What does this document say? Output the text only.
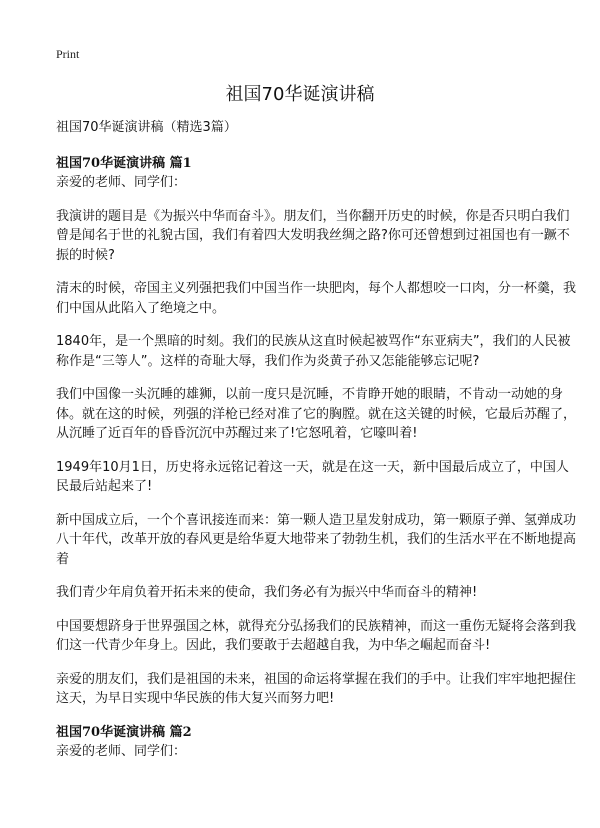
Print
祖国70华诞演讲稿

祖国70华诞演讲稿（精选3篇）

祖国70华诞演讲稿 篇1

亲爱的老师、同学们：

我演讲的题目是《为振兴中华而奋斗》。朋友们，当你翻开历史的时候，你是否只明白我们曾是闻名于世的礼貌古国，我们有着四大发明我丝绸之路?你可还曾想到过祖国也有一蹶不振的时候?

清末的时候，帝国主义列强把我们中国当作一块肥肉，每个人都想咬一口肉，分一杯羹，我们中国从此陷入了绝境之中。

1840年，是一个黑暗的时刻。我们的民族从这直时候起被骂作“东亚病夫”，我们的人民被称作是“三等人”。这样的奇耻大辱，我们作为炎黄子孙又怎能能够忘记呢?

我们中国像一头沉睡的雄狮，以前一度只是沉睡，不肯睁开她的眼睛，不肯动一动她的身体。就在这的时候，列强的洋枪已经对准了它的胸膛。就在这关键的时候，它最后苏醒了，从沉睡了近百年的昏昏沉沉中苏醒过来了!它怒吼着，它嚎叫着!

1949年10月1日，历史将永远铭记着这一天，就是在这一天，新中国最后成立了，中国人民最后站起来了!

新中国成立后，一个个喜讯接连而来：第一颗人造卫星发射成功，第一颗原子弹、氢弹成功八十年代，改革开放的春风更是给华夏大地带来了勃勃生机，我们的生活水平在不断地提高着

我们青少年肩负着开拓未来的使命，我们务必有为振兴中华而奋斗的精神!

中国要想跻身于世界强国之林，就得充分弘扬我们的民族精神，而这一重伤无疑将会落到我们这一代青少年身上。因此，我们要敢于去超越自我，为中华之崛起而奋斗!

亲爱的朋友们，我们是祖国的未来，祖国的命运将掌握在我们的手中。让我们牢牢地把握住这天，为早日实现中华民族的伟大复兴而努力吧!

祖国70华诞演讲稿 篇2

亲爱的老师、同学们：
